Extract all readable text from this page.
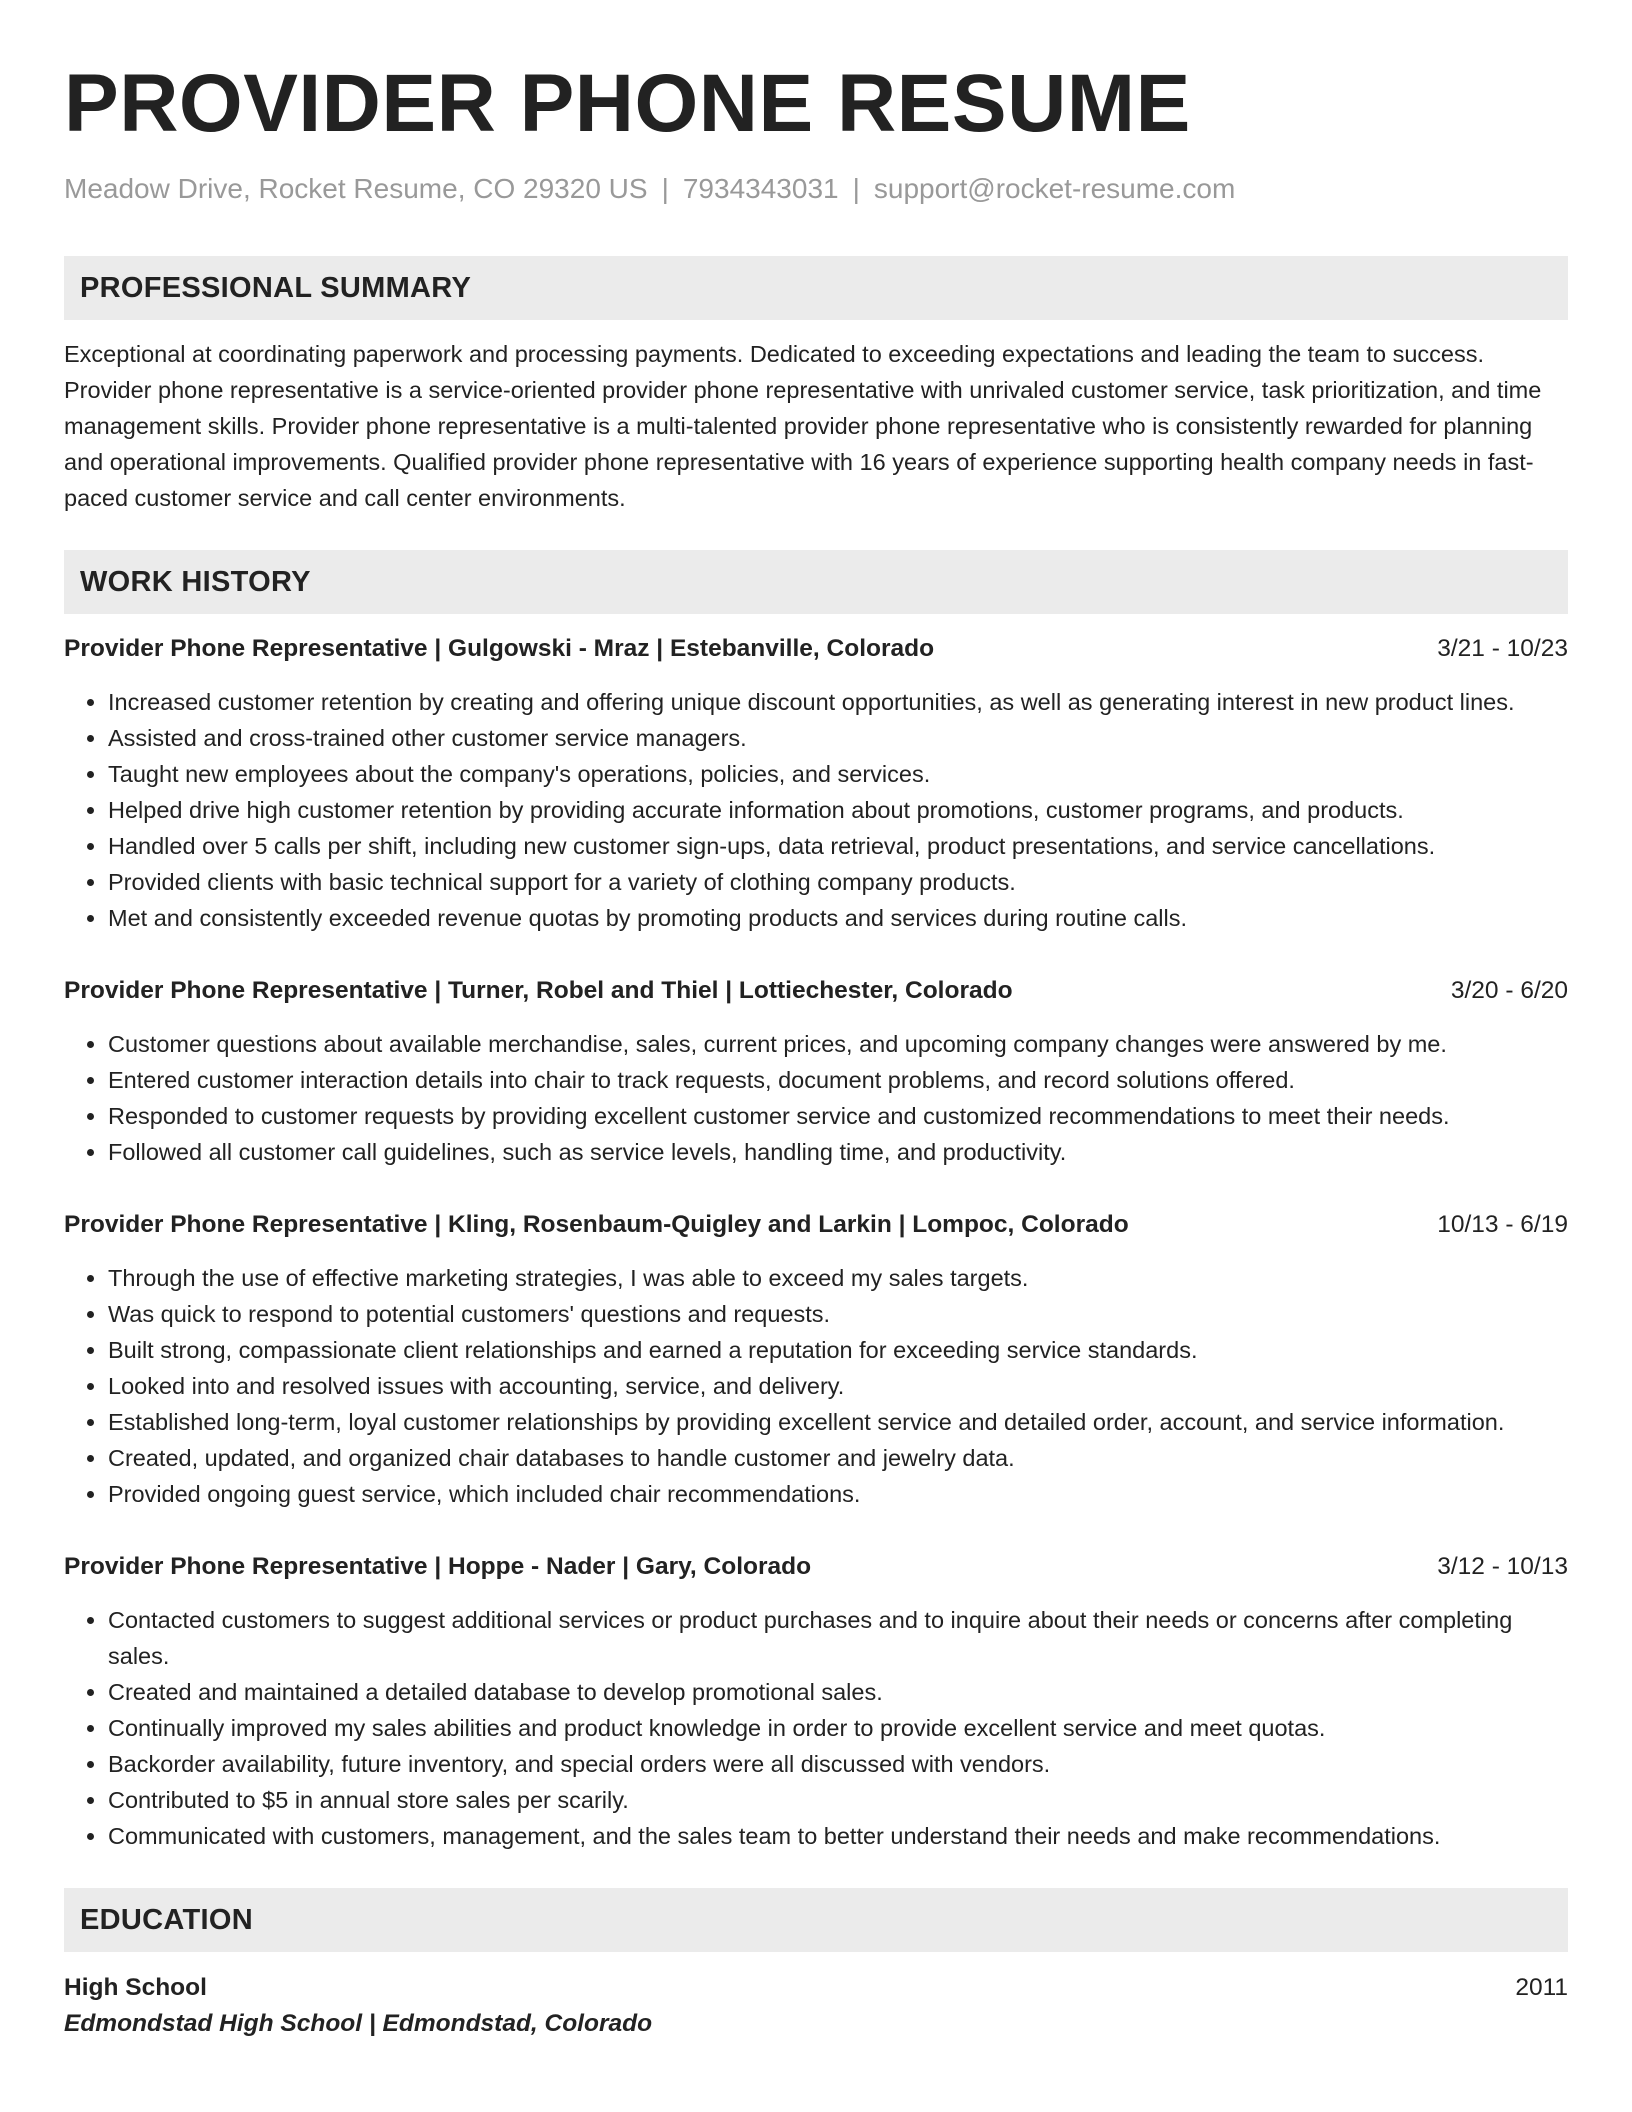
PROVIDER PHONE RESUME
Meadow Drive, Rocket Resume, CO 29320 US | 7934343031 | support@rocket-resume.com
PROFESSIONAL SUMMARY
Exceptional at coordinating paperwork and processing payments. Dedicated to exceeding expectations and leading the team to success. Provider phone representative is a service-oriented provider phone representative with unrivaled customer service, task prioritization, and time management skills. Provider phone representative is a multi-talented provider phone representative who is consistently rewarded for planning and operational improvements. Qualified provider phone representative with 16 years of experience supporting health company needs in fast-paced customer service and call center environments.
WORK HISTORY
Provider Phone Representative | Gulgowski - Mraz | Estebanville, Colorado	3/21 - 10/23
• Increased customer retention by creating and offering unique discount opportunities, as well as generating interest in new product lines.
• Assisted and cross-trained other customer service managers.
• Taught new employees about the company's operations, policies, and services.
• Helped drive high customer retention by providing accurate information about promotions, customer programs, and products.
• Handled over 5 calls per shift, including new customer sign-ups, data retrieval, product presentations, and service cancellations.
• Provided clients with basic technical support for a variety of clothing company products.
• Met and consistently exceeded revenue quotas by promoting products and services during routine calls.
Provider Phone Representative | Turner, Robel and Thiel | Lottiechester, Colorado	3/20 - 6/20
• Customer questions about available merchandise, sales, current prices, and upcoming company changes were answered by me.
• Entered customer interaction details into chair to track requests, document problems, and record solutions offered.
• Responded to customer requests by providing excellent customer service and customized recommendations to meet their needs.
• Followed all customer call guidelines, such as service levels, handling time, and productivity.
Provider Phone Representative | Kling, Rosenbaum-Quigley and Larkin | Lompoc, Colorado	10/13 - 6/19
• Through the use of effective marketing strategies, I was able to exceed my sales targets.
• Was quick to respond to potential customers' questions and requests.
• Built strong, compassionate client relationships and earned a reputation for exceeding service standards.
• Looked into and resolved issues with accounting, service, and delivery.
• Established long-term, loyal customer relationships by providing excellent service and detailed order, account, and service information.
• Created, updated, and organized chair databases to handle customer and jewelry data.
• Provided ongoing guest service, which included chair recommendations.
Provider Phone Representative | Hoppe - Nader | Gary, Colorado	3/12 - 10/13
• Contacted customers to suggest additional services or product purchases and to inquire about their needs or concerns after completing sales.
• Created and maintained a detailed database to develop promotional sales.
• Continually improved my sales abilities and product knowledge in order to provide excellent service and meet quotas.
• Backorder availability, future inventory, and special orders were all discussed with vendors.
• Contributed to $5 in annual store sales per scarily.
• Communicated with customers, management, and the sales team to better understand their needs and make recommendations.
EDUCATION
High School	2011
Edmondstad High School | Edmondstad, Colorado
